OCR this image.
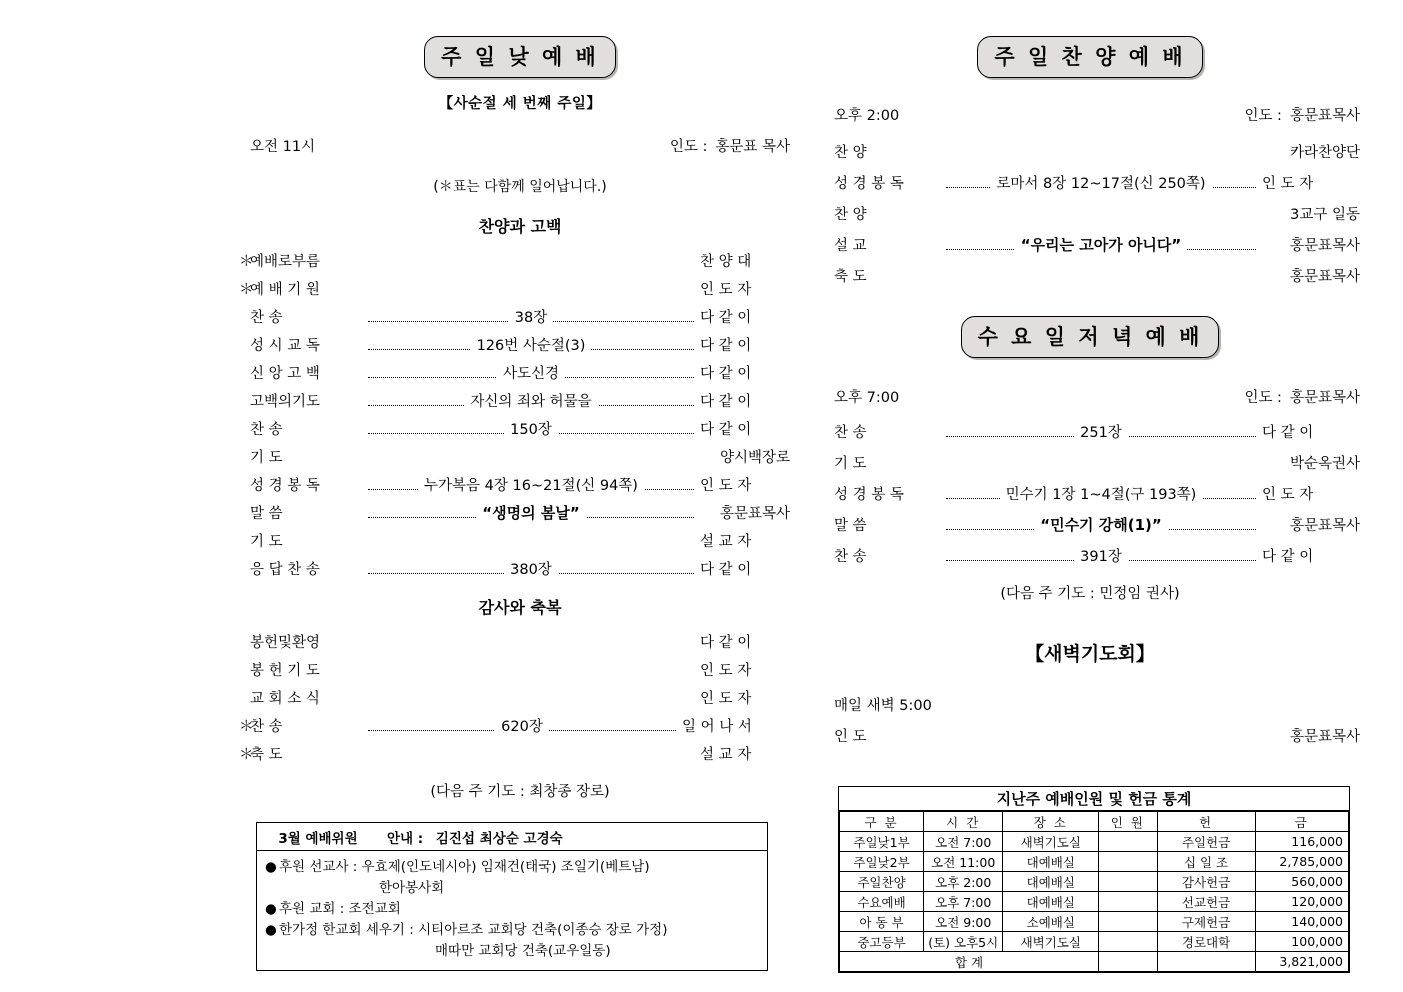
주 일 낮 예 배
【사순절 세 번째 주일】
오전 11시	인도 : 홍문표 목사
(＊표는 다함께 일어납니다.)
찬양과 고백
＊
예배로부름	찬 양 대
＊
예 배 기 원	인 도 자
찬 송	38장	다 같 이
성 시 교 독	126번 사순절(3)	다 같 이
신 앙 고 백	사도신경	다 같 이
고백의기도	자신의 죄와 허물을	다 같 이
찬 송	150장	다 같 이
기 도	양시백장로
성 경 봉 독	누가복음 4장 16~21절(신 94쪽)	인 도 자
말 씀	“생명의 봄날”	홍문표목사
기 도	설 교 자
응 답 찬 송	380장	다 같 이
감사와 축복
봉헌및환영	다 같 이
봉 헌 기 도	인 도 자
교 회 소 식	인 도 자
＊
찬 송	620장	일 어 나 서
＊
축 도	설 교 자
(다음 주 기도 : 최창종 장로)
주 일 찬 양 예 배
오후 2:00	인도 : 홍문표목사
찬 양	카라찬양단
성 경 봉 독	로마서 8장 12~17절(신 250쪽)	인 도 자
찬 양	3교구 일동
설 교	“우리는 고아가 아니다”	홍문표목사
축 도	홍문표목사
수 요 일 저 녁 예 배
오후 7:00	인도 : 홍문표목사
찬 송	251장	다 같 이
기 도	박순옥권사
성 경 봉 독	민수기 1장 1~4절(구 193쪽)	인 도 자
말 씀	“민수기 강해(1)”	홍문표목사
찬 송	391장	다 같 이
(다음 주 기도 : 민정임 권사)
【새벽기도회】
매일 새벽 5:00
인 도	홍문표목사
3월 예배위원	안내 : 김진섭 최상순 고경숙
● 후원 선교사 : 우효제(인도네시아) 임재건(태국) 조일기(베트남)
한아봉사회
● 후원 교회 : 조전교회
● 한가정 한교회 세우기 : 시티아르조 교회당 건축(이종승 장로 가정)
매따만 교회당 건축(교우일동)
지난주 예배인원 및 헌금 통계
구 분	시 간	장 소	인 원	헌	금
주일낮1부	오전 7:00	새벽기도실		주일헌금	116,000
주일낮2부	오전 11:00	대예배실		십 일 조	2,785,000
주일찬양	오후 2:00	대예배실		감사헌금	560,000
수요예배	오후 7:00	대예배실		선교헌금	120,000
아 동 부	오전 9:00	소예배실		구제헌금	140,000
중고등부	(토) 오후5시	새벽기도실		경로대학	100,000
합 계					3,821,000
